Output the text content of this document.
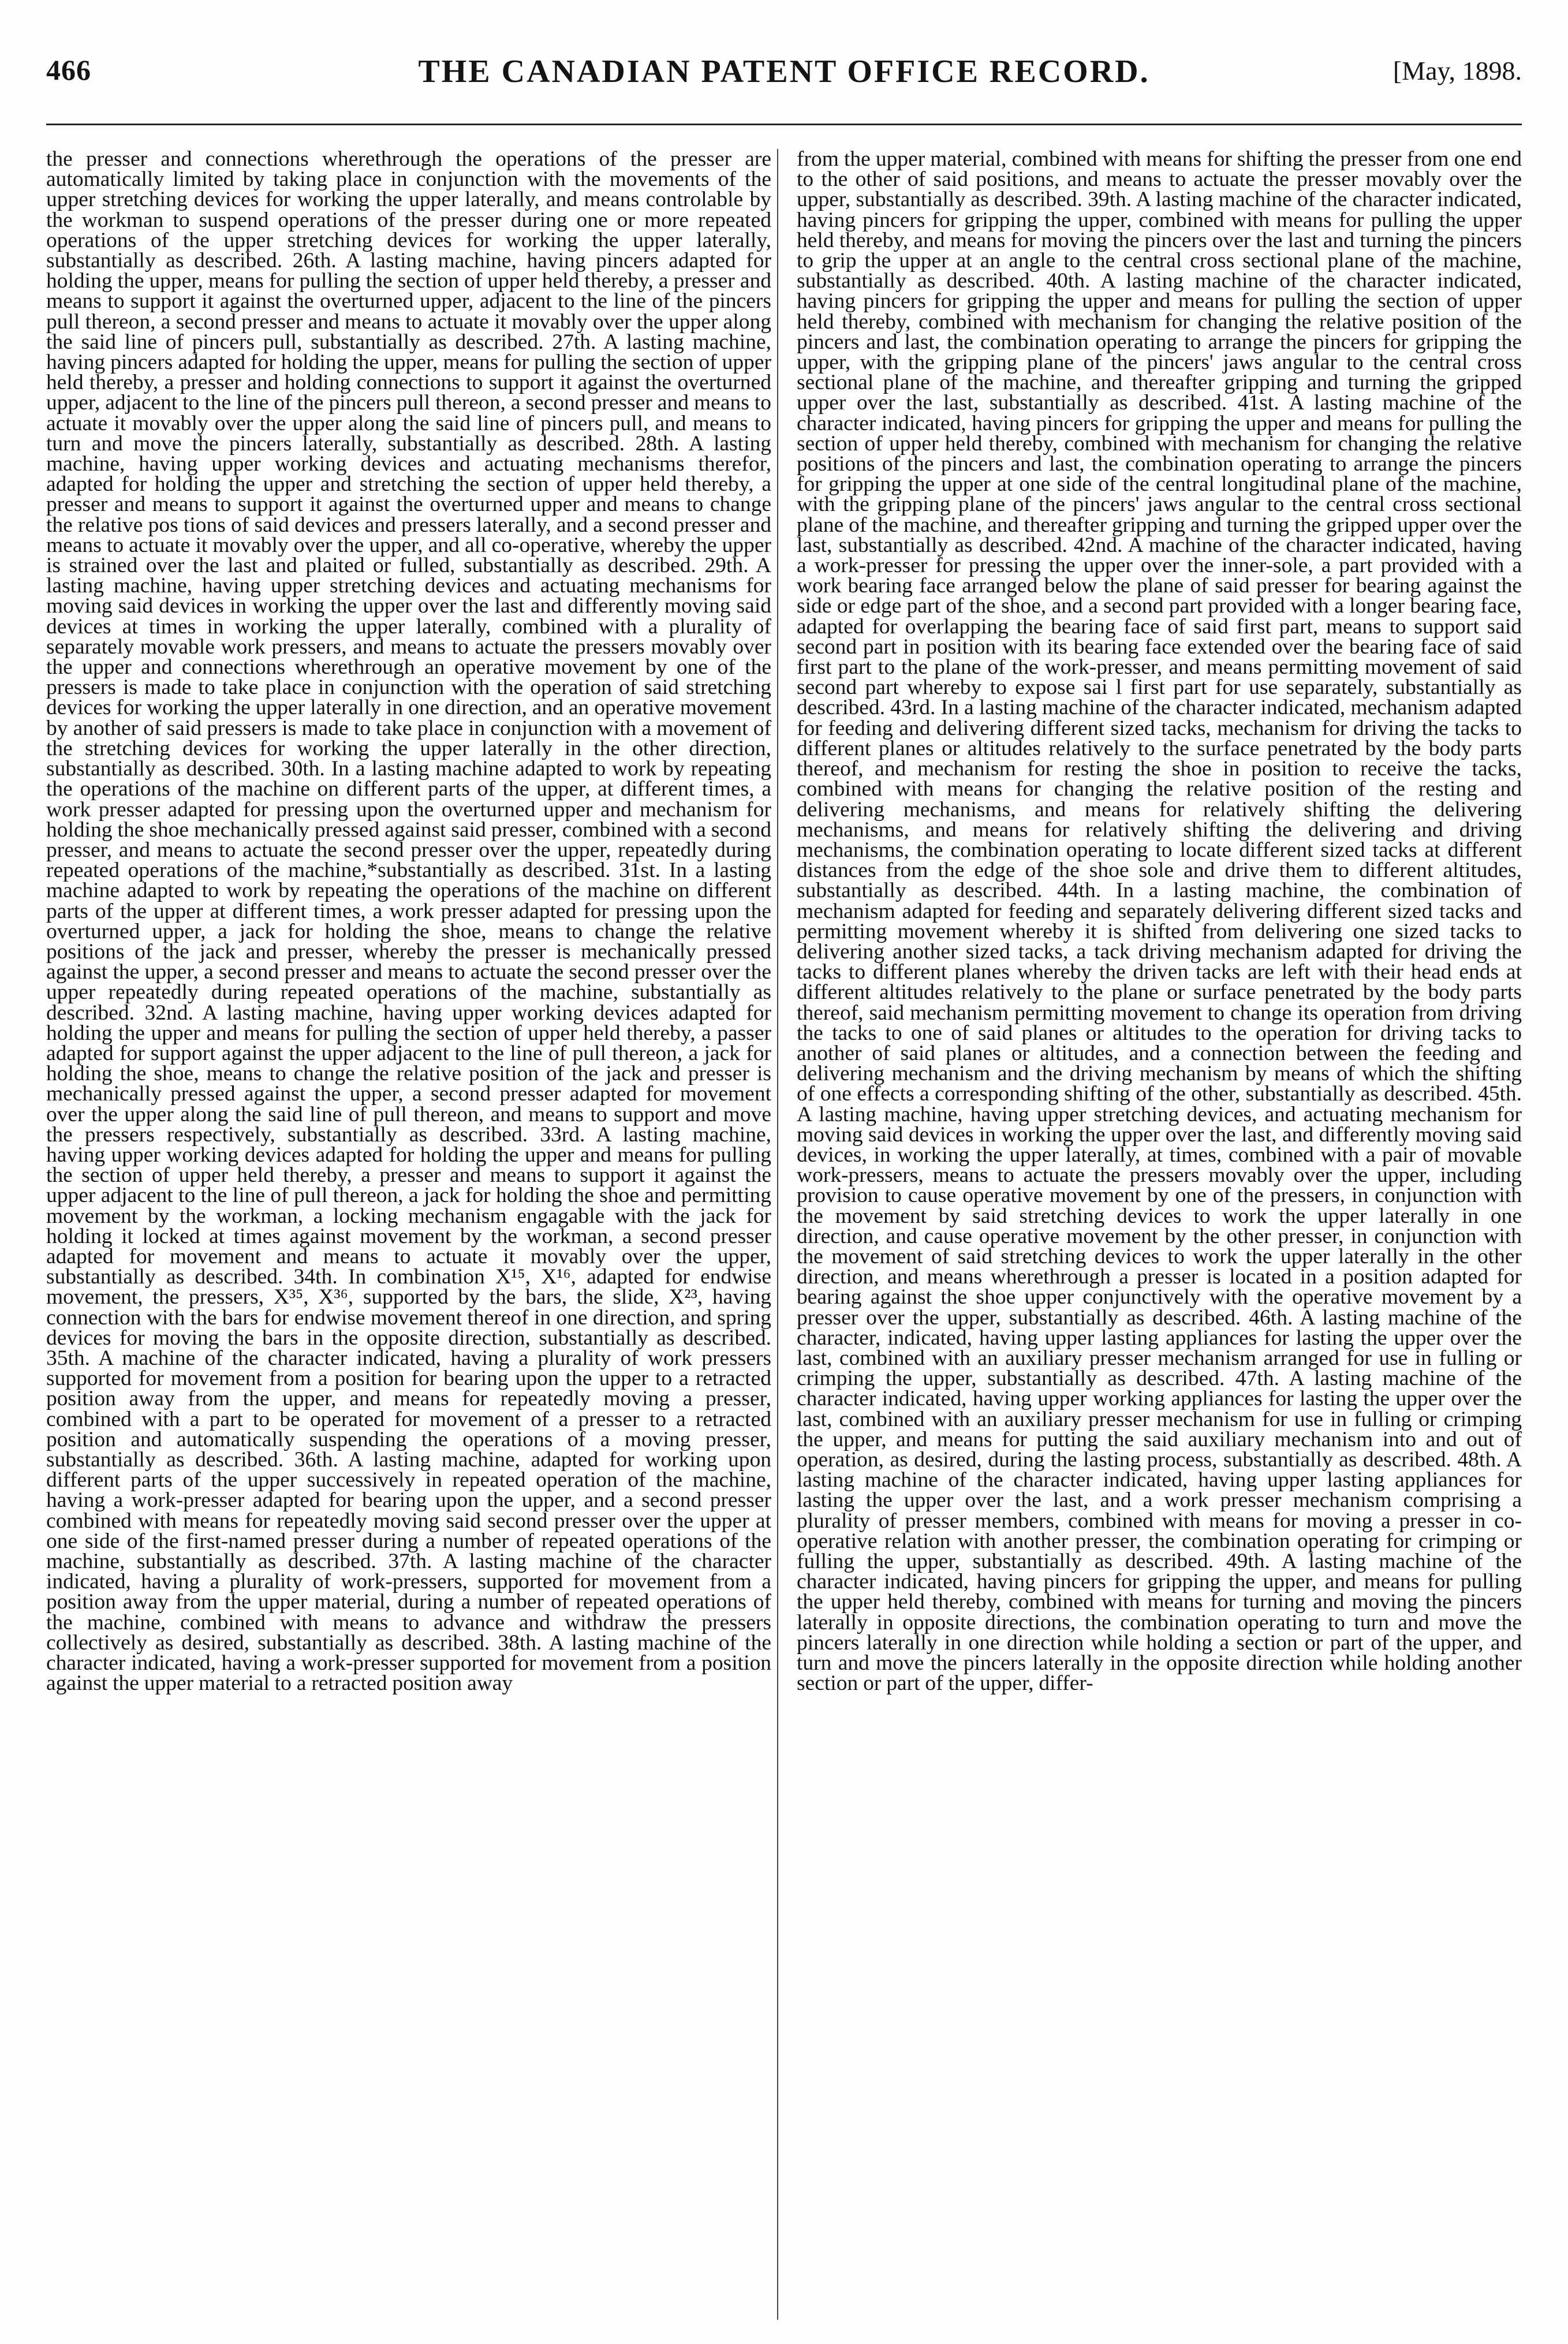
466	THE CANADIAN PATENT OFFICE RECORD.	[May, 1898.

the presser and connections wherethrough the operations of the presser are automatically limited by taking place in conjunction with the movements of the upper stretching devices for working the upper laterally, and means controlable by the workman to suspend operations of the presser during one or more repeated operations of the upper stretching devices for working the upper laterally, substantially as described. 26th. A lasting machine, having pincers adapted for holding the upper, means for pulling the section of upper held thereby, a presser and means to support it against the overturned upper, adjacent to the line of the pincers pull thereon, a second presser and means to actuate it movably over the upper along the said line of pincers pull, substantially as described. 27th. A lasting machine, having pincers adapted for holding the upper, means for pulling the section of upper held thereby, a presser and holding connections to support it against the overturned upper, adjacent to the line of the pincers pull thereon, a second presser and means to actuate it movably over the upper along the said line of pincers pull, and means to turn and move the pincers laterally, substantially as described. 28th. A lasting machine, having upper working devices and actuating mechanisms therefor, adapted for holding the upper and stretching the section of upper held thereby, a presser and means to support it against the overturned upper and means to change the relative pos tions of said devices and pressers laterally, and a second presser and means to actuate it movably over the upper, and all co-operative, whereby the upper is strained over the last and plaited or fulled, substantially as described. 29th. A lasting machine, having upper stretching devices and actuating mechanisms for moving said devices in working the upper over the last and differently moving said devices at times in working the upper laterally, combined with a plurality of separately movable work pressers, and means to actuate the pressers movably over the upper and connections wherethrough an operative movement by one of the pressers is made to take place in conjunction with the operation of said stretching devices for working the upper laterally in one direction, and an operative movement by another of said pressers is made to take place in conjunction with a movement of the stretching devices for working the upper laterally in the other direction, substantially as described. 30th. In a lasting machine adapted to work by repeating the operations of the machine on different parts of the upper, at different times, a work presser adapted for pressing upon the overturned upper and mechanism for holding the shoe mechanically pressed against said presser, combined with a second presser, and means to actuate the second presser over the upper, repeatedly during repeated operations of the machine,*substantially as described. 31st. In a lasting machine adapted to work by repeating the operations of the machine on different parts of the upper at different times, a work presser adapted for pressing upon the overturned upper, a jack for holding the shoe, means to change the relative positions of the jack and presser, whereby the presser is mechanically pressed against the upper, a second presser and means to actuate the second presser over the upper repeatedly during repeated operations of the machine, substantially as described. 32nd. A lasting machine, having upper working devices adapted for holding the upper and means for pulling the section of upper held thereby, a passer adapted for support against the upper adjacent to the line of pull thereon, a jack for holding the shoe, means to change the relative position of the jack and presser is mechanically pressed against the upper, a second presser adapted for movement over the upper along the said line of pull thereon, and means to support and move the pressers respectively, substantially as described. 33rd. A lasting machine, having upper working devices adapted for holding the upper and means for pulling the section of upper held thereby, a presser and means to support it against the upper adjacent to the line of pull thereon, a jack for holding the shoe and permitting movement by the workman, a locking mechanism engagable with the jack for holding it locked at times against movement by the workman, a second presser adapted for movement and means to actuate it movably over the upper, substantially as described. 34th. In combination X¹⁵, X¹⁶, adapted for endwise movement, the pressers, X³⁵, X³⁶, supported by the bars, the slide, X²³, having connection with the bars for endwise movement thereof in one direction, and spring devices for moving the bars in the opposite direction, substantially as described. 35th. A machine of the character indicated, having a plurality of work pressers supported for movement from a position for bearing upon the upper to a retracted position away from the upper, and means for repeatedly moving a presser, combined with a part to be operated for movement of a presser to a retracted position and automatically suspending the operations of a moving presser, substantially as described. 36th. A lasting machine, adapted for working upon different parts of the upper successively in repeated operation of the machine, having a work-presser adapted for bearing upon the upper, and a second presser combined with means for repeatedly moving said second presser over the upper at one side of the first-named presser during a number of repeated operations of the machine, substantially as described. 37th. A lasting machine of the character indicated, having a plurality of work-pressers, supported for movement from a position away from the upper material, during a number of repeated operations of the machine, combined with means to advance and withdraw the pressers collectively as desired, substantially as described. 38th. A lasting machine of the character indicated, having a work-presser supported for movement from a position against the upper material to a retracted position away

from the upper material, combined with means for shifting the presser from one end to the other of said positions, and means to actuate the presser movably over the upper, substantially as described. 39th. A lasting machine of the character indicated, having pincers for gripping the upper, combined with means for pulling the upper held thereby, and means for moving the pincers over the last and turning the pincers to grip the upper at an angle to the central cross sectional plane of the machine, substantially as described. 40th. A lasting machine of the character indicated, having pincers for gripping the upper and means for pulling the section of upper held thereby, combined with mechanism for changing the relative position of the pincers and last, the combination operating to arrange the pincers for gripping the upper, with the gripping plane of the pincers' jaws angular to the central cross sectional plane of the machine, and thereafter gripping and turning the gripped upper over the last, substantially as described. 41st. A lasting machine of the character indicated, having pincers for gripping the upper and means for pulling the section of upper held thereby, combined with mechanism for changing the relative positions of the pincers and last, the combination operating to arrange the pincers for gripping the upper at one side of the central longitudinal plane of the machine, with the gripping plane of the pincers' jaws angular to the central cross sectional plane of the machine, and thereafter gripping and turning the gripped upper over the last, substantially as described. 42nd. A machine of the character indicated, having a work-presser for pressing the upper over the inner-sole, a part provided with a work bearing face arranged below the plane of said presser for bearing against the side or edge part of the shoe, and a second part provided with a longer bearing face, adapted for overlapping the bearing face of said first part, means to support said second part in position with its bearing face extended over the bearing face of said first part to the plane of the work-presser, and means permitting movement of said second part whereby to expose sai l first part for use separately, substantially as described. 43rd. In a lasting machine of the character indicated, mechanism adapted for feeding and delivering different sized tacks, mechanism for driving the tacks to different planes or altitudes relatively to the surface penetrated by the body parts thereof, and mechanism for resting the shoe in position to receive the tacks, combined with means for changing the relative position of the resting and delivering mechanisms, and means for relatively shifting the delivering mechanisms, and means for relatively shifting the delivering and driving mechanisms, the combination operating to locate different sized tacks at different distances from the edge of the shoe sole and drive them to different altitudes, substantially as described. 44th. In a lasting machine, the combination of mechanism adapted for feeding and separately delivering different sized tacks and permitting movement whereby it is shifted from delivering one sized tacks to delivering another sized tacks, a tack driving mechanism adapted for driving the tacks to different planes whereby the driven tacks are left with their head ends at different altitudes relatively to the plane or surface penetrated by the body parts thereof, said mechanism permitting movement to change its operation from driving the tacks to one of said planes or altitudes to the operation for driving tacks to another of said planes or altitudes, and a connection between the feeding and delivering mechanism and the driving mechanism by means of which the shifting of one effects a corresponding shifting of the other, substantially as described. 45th. A lasting machine, having upper stretching devices, and actuating mechanism for moving said devices in working the upper over the last, and differently moving said devices, in working the upper laterally, at times, combined with a pair of movable work-pressers, means to actuate the pressers movably over the upper, including provision to cause operative movement by one of the pressers, in conjunction with the movement by said stretching devices to work the upper laterally in one direction, and cause operative movement by the other presser, in conjunction with the movement of said stretching devices to work the upper laterally in the other direction, and means wherethrough a presser is located in a position adapted for bearing against the shoe upper conjunctively with the operative movement by a presser over the upper, substantially as described. 46th. A lasting machine of the character, indicated, having upper lasting appliances for lasting the upper over the last, combined with an auxiliary presser mechanism arranged for use in fulling or crimping the upper, substantially as described. 47th. A lasting machine of the character indicated, having upper working appliances for lasting the upper over the last, combined with an auxiliary presser mechanism for use in fulling or crimping the upper, and means for putting the said auxiliary mechanism into and out of operation, as desired, during the lasting process, substantially as described. 48th. A lasting machine of the character indicated, having upper lasting appliances for lasting the upper over the last, and a work presser mechanism comprising a plurality of presser members, combined with means for moving a presser in co-operative relation with another presser, the combination operating for crimping or fulling the upper, substantially as described. 49th. A lasting machine of the character indicated, having pincers for gripping the upper, and means for pulling the upper held thereby, combined with means for turning and moving the pincers laterally in opposite directions, the combination operating to turn and move the pincers laterally in one direction while holding a section or part of the upper, and turn and move the pincers laterally in the opposite direction while holding another section or part of the upper, differ-
